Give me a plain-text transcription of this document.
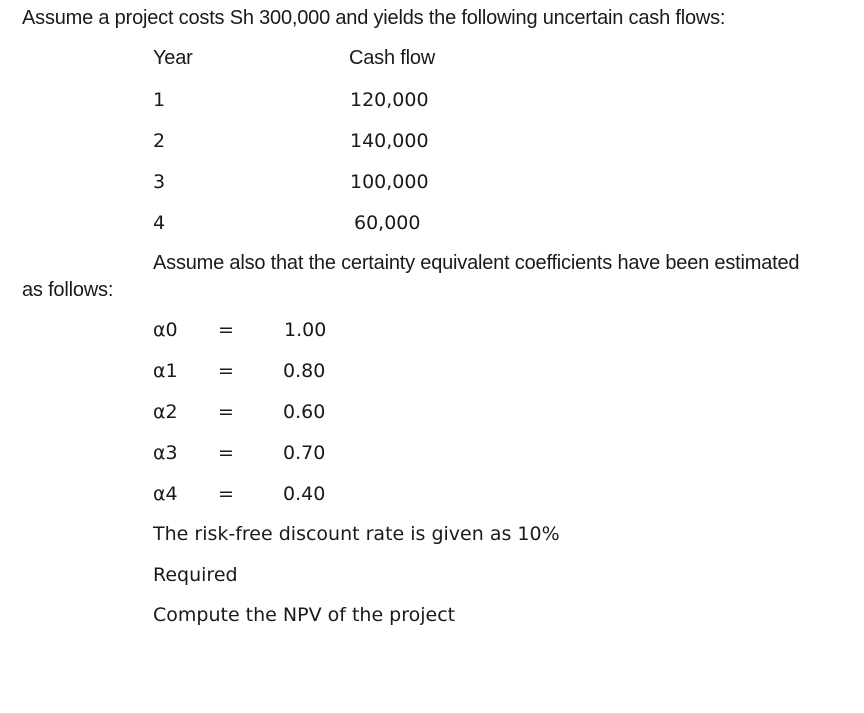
Assume a project costs Sh 300,000 and yields the following uncertain cash flows:
Year	Cash flow
1	120,000
2	140,000
3	100,000
4	60,000
Assume also that the certainty equivalent coefficients have been estimated
as follows:
α0 =	1.00
α1 =	0.80
α2 =	0.60
α3 =	0.70
α4 =	0.40
The risk-free discount rate is given as 10%
Required
Compute the NPV of the project
